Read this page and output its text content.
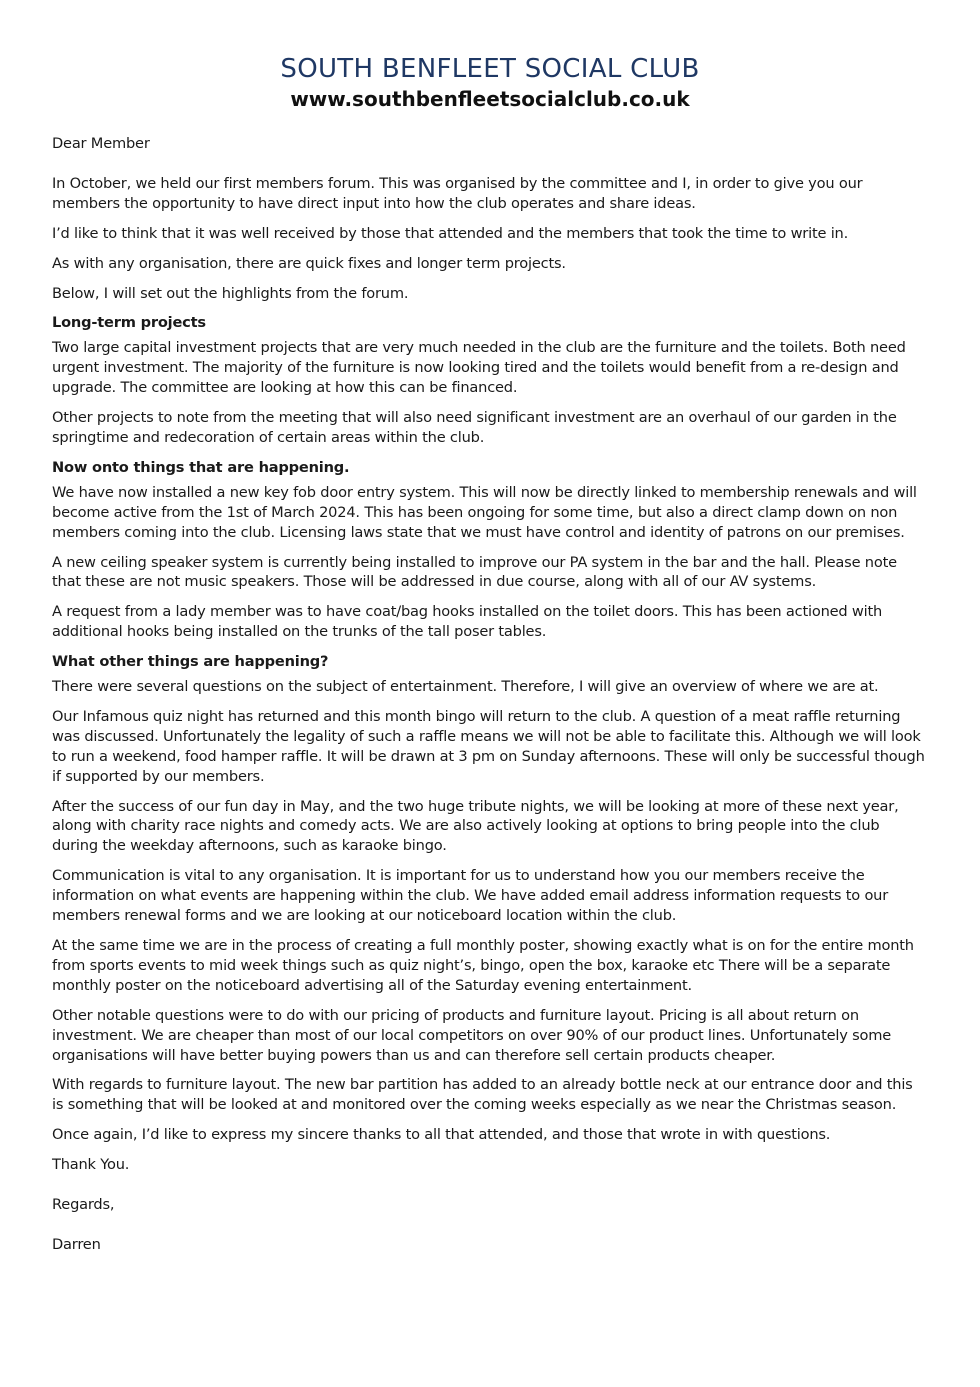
SOUTH BENFLEET SOCIAL CLUB
www.southbenfleetsocialclub.co.uk

Dear Member

In October, we held our first members forum. This was organised by the committee and I, in order to give you our members the opportunity to have direct input into how the club operates and share ideas.

I’d like to think that it was well received by those that attended and the members that took the time to write in.

As with any organisation, there are quick fixes and longer term projects.

Below, I will set out the highlights from the forum.

Long-term projects

Two large capital investment projects that are very much needed in the club are the furniture and the toilets. Both need urgent investment. The majority of the furniture is now looking tired and the toilets would benefit from a re-design and upgrade. The committee are looking at how this can be financed.

Other projects to note from the meeting that will also need significant investment are an overhaul of our garden in the springtime and redecoration of certain areas within the club.

Now onto things that are happening.

We have now installed a new key fob door entry system. This will now be directly linked to membership renewals and will become active from the 1st of March 2024. This has been ongoing for some time, but also a direct clamp down on non members coming into the club. Licensing laws state that we must have control and identity of patrons on our premises.

A new ceiling speaker system is currently being installed to improve our PA system in the bar and the hall. Please note that these are not music speakers. Those will be addressed in due course, along with all of our AV systems.

A request from a lady member was to have coat/bag hooks installed on the toilet doors. This has been actioned with additional hooks being installed on the trunks of the tall poser tables.

What other things are happening?

There were several questions on the subject of entertainment. Therefore, I will give an overview of where we are at.

Our Infamous quiz night has returned and this month bingo will return to the club. A question of a meat raffle returning was discussed. Unfortunately the legality of such a raffle means we will not be able to facilitate this. Although we will look to run a weekend, food hamper raffle. It will be drawn at 3 pm on Sunday afternoons. These will only be successful though if supported by our members.

After the success of our fun day in May, and the two huge tribute nights, we will be looking at more of these next year, along with charity race nights and comedy acts. We are also actively looking at options to bring people into the club during the weekday afternoons, such as karaoke bingo.

Communication is vital to any organisation. It is important for us to understand how you our members receive the information on what events are happening within the club. We have added email address information requests to our members renewal forms and we are looking at our noticeboard location within the club.

At the same time we are in the process of creating a full monthly poster, showing exactly what is on for the entire month from sports events to mid week things such as quiz night’s, bingo, open the box, karaoke etc There will be a separate monthly poster on the noticeboard advertising all of the Saturday evening entertainment.

Other notable questions were to do with our pricing of products and furniture layout. Pricing is all about return on investment. We are cheaper than most of our local competitors on over 90% of our product lines. Unfortunately some organisations will have better buying powers than us and can therefore sell certain products cheaper.

With regards to furniture layout. The new bar partition has added to an already bottle neck at our entrance door and this is something that will be looked at and monitored over the coming weeks especially as we near the Christmas season.

Once again, I’d like to express my sincere thanks to all that attended, and those that wrote in with questions.

Thank You.

Regards,

Darren
